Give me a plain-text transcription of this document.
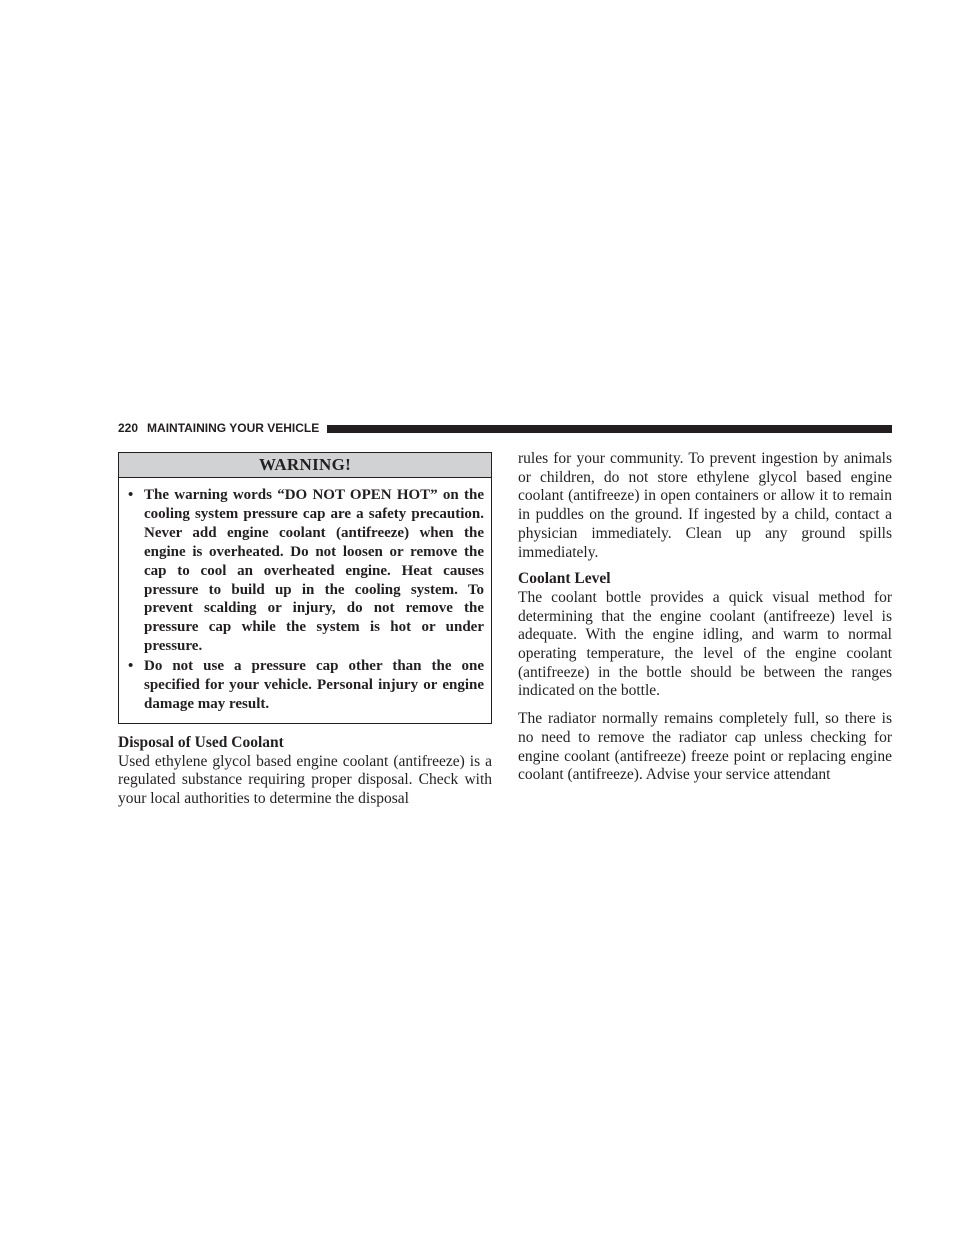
220 MAINTAINING YOUR VEHICLE
WARNING!
• The warning words “DO NOT OPEN HOT” on the cooling system pressure cap are a safety precaution. Never add engine coolant (antifreeze) when the engine is overheated. Do not loosen or remove the cap to cool an overheated engine. Heat causes pressure to build up in the cooling system. To prevent scalding or injury, do not remove the pressure cap while the system is hot or under pressure.
• Do not use a pressure cap other than the one specified for your vehicle. Personal injury or engine damage may result.
Disposal of Used Coolant

Used ethylene glycol based engine coolant (antifreeze) is a regulated substance requiring proper disposal. Check with your local authorities to determine the disposal

rules for your community. To prevent ingestion by animals or children, do not store ethylene glycol based engine coolant (antifreeze) in open containers or allow it to remain in puddles on the ground. If ingested by a child, contact a physician immediately. Clean up any ground spills immediately.

Coolant Level

The coolant bottle provides a quick visual method for determining that the engine coolant (antifreeze) level is adequate. With the engine idling, and warm to normal operating temperature, the level of the engine coolant (antifreeze) in the bottle should be between the ranges indicated on the bottle.

The radiator normally remains completely full, so there is no need to remove the radiator cap unless checking for engine coolant (antifreeze) freeze point or replacing engine coolant (antifreeze). Advise your service attendant
